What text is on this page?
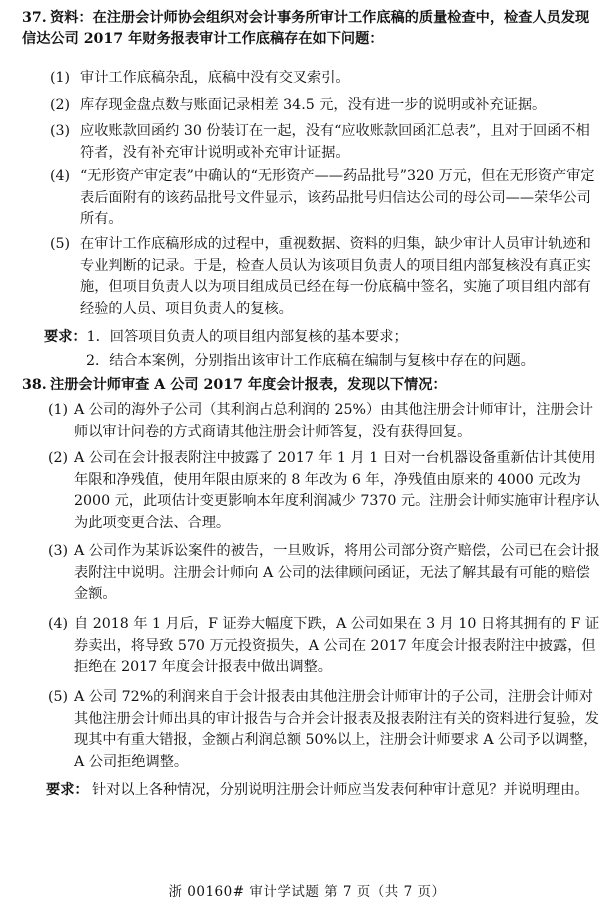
37. 资料：在注册会计师协会组织对会计事务所审计工作底稿的质量检查中，检查人员发现信达公司 2017 年财务报表审计工作底稿存在如下问题：
(1) 审计工作底稿杂乱，底稿中没有交叉索引。
(2) 库存现金盘点数与账面记录相差 34.5 元，没有进一步的说明或补充证据。
(3) 应收账款回函约 30 份装订在一起，没有“应收账款回函汇总表”，且对于回函不相符者，没有补充审计说明或补充审计证据。
(4) “无形资产审定表”中确认的“无形资产——药品批号”320 万元，但在无形资产审定表后面附有的该药品批号文件显示，该药品批号归信达公司的母公司——荣华公司所有。
(5) 在审计工作底稿形成的过程中，重视数据、资料的归集，缺少审计人员审计轨迹和专业判断的记录。于是，检查人员认为该项目负责人的项目组内部复核没有真正实施，但项目负责人以为项目组成员已经在每一份底稿中签名，实施了项目组内部有经验的人员、项目负责人的复核。
要求：1．回答项目负责人的项目组内部复核的基本要求；
2．结合本案例，分别指出该审计工作底稿在编制与复核中存在的问题。
38. 注册会计师审查 A 公司 2017 年度会计报表，发现以下情况：
(1) A 公司的海外子公司（其利润占总利润的 25%）由其他注册会计师审计，注册会计师以审计问卷的方式商请其他注册会计师答复，没有获得回复。
(2) A 公司在会计报表附注中披露了 2017 年 1 月 1 日对一台机器设备重新估计其使用年限和净残值，使用年限由原来的 8 年改为 6 年，净残值由原来的 4000 元改为 2000 元，此项估计变更影响本年度利润减少 7370 元。注册会计师实施审计程序认为此项变更合法、合理。
(3) A 公司作为某诉讼案件的被告，一旦败诉，将用公司部分资产赔偿，公司已在会计报表附注中说明。注册会计师向 A 公司的法律顾问函证，无法了解其最有可能的赔偿金额。
(4) 自 2018 年 1 月后，F 证券大幅度下跌，A 公司如果在 3 月 10 日将其拥有的 F 证券卖出，将导致 570 万元投资损失，A 公司在 2017 年度会计报表附注中披露，但拒绝在 2017 年度会计报表中做出调整。
(5) A 公司 72%的利润来自于会计报表由其他注册会计师审计的子公司，注册会计师对其他注册会计师出具的审计报告与合并会计报表及报表附注有关的资料进行复验，发现其中有重大错报，金额占利润总额 50%以上，注册会计师要求 A 公司予以调整，A 公司拒绝调整。
要求： 针对以上各种情况，分别说明注册会计师应当发表何种审计意见？并说明理由。
浙 00160# 审计学试题 第 7 页（共 7 页）
